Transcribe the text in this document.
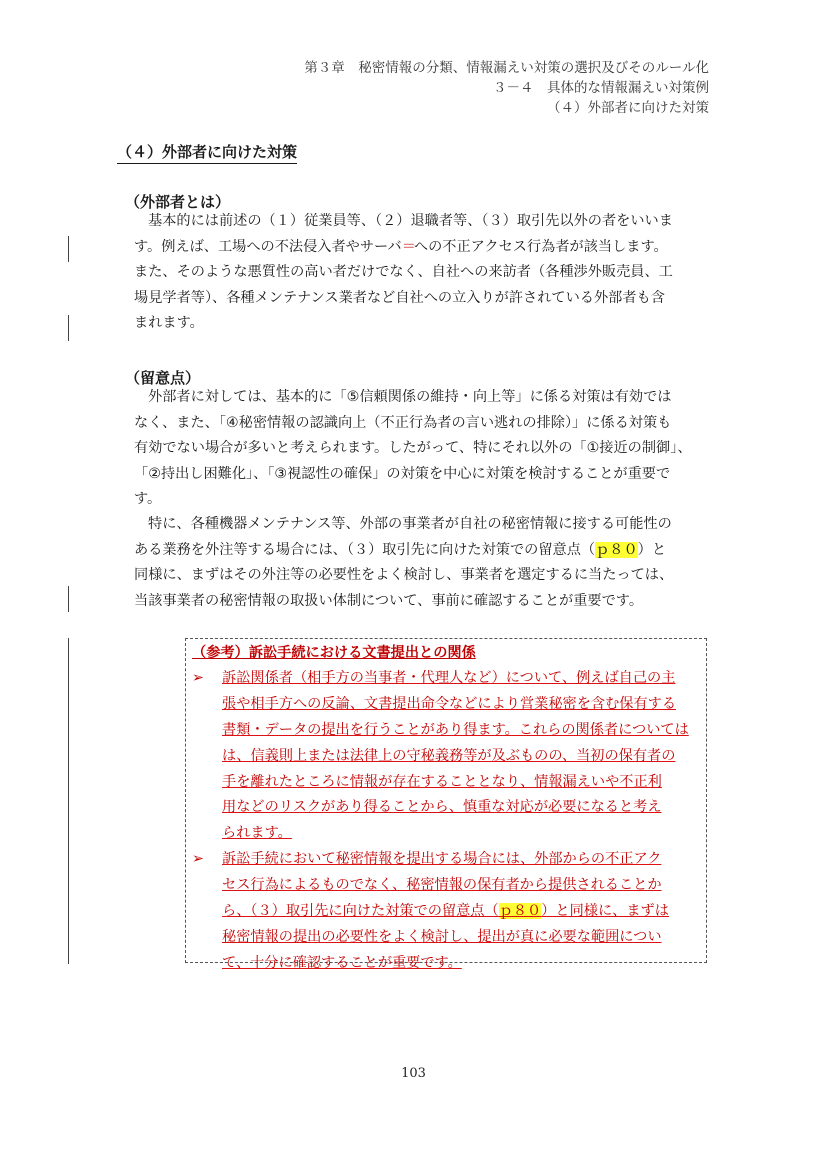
第３章　秘密情報の分類、情報漏えい対策の選択及びそのルール化
３－４　具体的な情報漏えい対策例
（４）外部者に向けた対策
（４）外部者に向けた対策
（外部者とは）
基本的には前述の（１）従業員等、（２）退職者等、（３）取引先以外の者をいいま
す。例えば、工場への不法侵入者やサーバ＝への不正アクセス行為者が該当します。
また、そのような悪質性の高い者だけでなく、自社への来訪者（各種渉外販売員、工
場見学者等）、各種メンテナンス業者など自社への立入りが許されている外部者も含
まれます。
（留意点）
外部者に対しては、基本的に「⑤信頼関係の維持・向上等」に係る対策は有効では
なく、また、「④秘密情報の認識向上（不正行為者の言い逃れの排除）」に係る対策も
有効でない場合が多いと考えられます。したがって、特にそれ以外の「①接近の制御」、
「②持出し困難化」、「③視認性の確保」の対策を中心に対策を検討することが重要で
す。
特に、各種機器メンテナンス等、外部の事業者が自社の秘密情報に接する可能性の
ある業務を外注等する場合には、（３）取引先に向けた対策での留意点（ｐ８０）と
同様に、まずはその外注等の必要性をよく検討し、事業者を選定するに当たっては、
当該事業者の秘密情報の取扱い体制について、事前に確認することが重要です。
（参考）訴訟手続における文書提出との関係
➢	訴訟関係者（相手方の当事者・代理人など）について、例えば自己の主
張や相手方への反論、文書提出命令などにより営業秘密を含む保有する
書類・データの提出を行うことがあり得ます。これらの関係者については
は、信義則上または法律上の守秘義務等が及ぶものの、当初の保有者の
手を離れたところに情報が存在することとなり、情報漏えいや不正利
用などのリスクがあり得ることから、慎重な対応が必要になると考え
られます。
➢	訴訟手続において秘密情報を提出する場合には、外部からの不正アク
セス行為によるものでなく、秘密情報の保有者から提供されることか
ら、（３）取引先に向けた対策での留意点（ｐ８０）と同様に、まずは
秘密情報の提出の必要性をよく検討し、提出が真に必要な範囲につい
て、十分に確認することが重要です。
103
